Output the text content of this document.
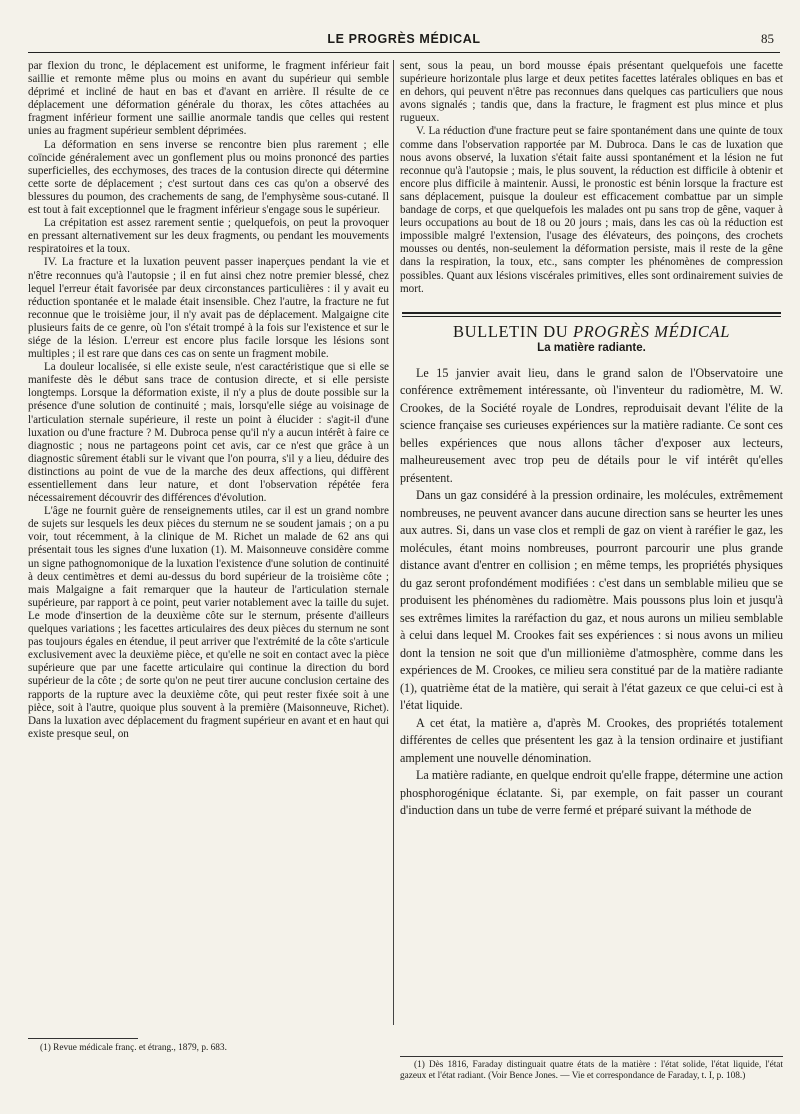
LE PROGRÈS MÉDICAL	85

par flexion du tronc, le déplacement est uniforme, le fragment inférieur fait saillie et remonte même plus ou moins en avant du supérieur qui semble déprimé et incliné de haut en bas et d'avant en arrière. Il résulte de ce déplacement une déformation générale du thorax, les côtes attachées au fragment inférieur forment une saillie anormale tandis que celles qui restent unies au fragment supérieur semblent déprimées.

La déformation en sens inverse se rencontre bien plus rarement ; elle coïncide généralement avec un gonflement plus ou moins prononcé des parties superficielles, des ecchymoses, des traces de la contusion directe qui détermine cette sorte de déplacement ; c'est surtout dans ces cas qu'on a observé des blessures du poumon, des crachements de sang, de l'emphysème sous-cutané. Il est tout à fait exceptionnel que le fragment inférieur s'engage sous le supérieur.

La crépitation est assez rarement sentie ; quelquefois, on peut la provoquer en pressant alternativement sur les deux fragments, ou pendant les mouvements respiratoires et la toux.

IV. La fracture et la luxation peuvent passer inaperçues pendant la vie et n'être reconnues qu'à l'autopsie ; il en fut ainsi chez notre premier blessé, chez lequel l'erreur était favorisée par deux circonstances particulières : il y avait eu réduction spontanée et le malade était insensible. Chez l'autre, la fracture ne fut reconnue que le troisième jour, il n'y avait pas de déplacement. Malgaigne cite plusieurs faits de ce genre, où l'on s'était trompé à la fois sur l'existence et sur le siége de la lésion. L'erreur est encore plus facile lorsque les lésions sont multiples ; il est rare que dans ces cas on sente un fragment mobile.

La douleur localisée, si elle existe seule, n'est caractéristique que si elle se manifeste dès le début sans trace de contusion directe, et si elle persiste longtemps. Lorsque la déformation existe, il n'y a plus de doute possible sur la présence d'une solution de continuité ; mais, lorsqu'elle siége au voisinage de l'articulation sternale supérieure, il reste un point à élucider : s'agit-il d'une luxation ou d'une fracture ? M. Dubroca pense qu'il n'y a aucun intérêt à faire ce diagnostic ; nous ne partageons point cet avis, car ce n'est que grâce à un diagnostic sûrement établi sur le vivant que l'on pourra, s'il y a lieu, déduire des distinctions au point de vue de la marche des deux affections, qui diffèrent essentiellement dans leur nature, et dont l'observation répétée fera nécessairement découvrir des différences d'évolution.

L'âge ne fournit guère de renseignements utiles, car il est un grand nombre de sujets sur lesquels les deux pièces du sternum ne se soudent jamais ; on a pu voir, tout récemment, à la clinique de M. Richet un malade de 62 ans qui présentait tous les signes d'une luxation (1). M. Maisonneuve considère comme un signe pathognomonique de la luxation l'existence d'une solution de continuité à deux centimètres et demi au-dessus du bord supérieur de la troisième côte ; mais Malgaigne a fait remarquer que la hauteur de l'articulation sternale supérieure, par rapport à ce point, peut varier notablement avec la taille du sujet. Le mode d'insertion de la deuxième côte sur le sternum, présente d'ailleurs quelques variations ; les facettes articulaires des deux pièces du sternum ne sont pas toujours égales en étendue, il peut arriver que l'extrémité de la côte s'articule exclusivement avec la deuxième pièce, et qu'elle ne soit en contact avec la pièce supérieure que par une facette articulaire qui continue la direction du bord supérieur de la côte ; de sorte qu'on ne peut tirer aucune conclusion certaine des rapports de la rupture avec la deuxième côte, qui peut rester fixée soit à une pièce, soit à l'autre, quoique plus souvent à la première (Maisonneuve, Richet). Dans la luxation avec déplacement du fragment supérieur en avant et en haut qui existe presque seul, on

sent, sous la peau, un bord mousse épais présentant quelquefois une facette supérieure horizontale plus large et deux petites facettes latérales obliques en bas et en dehors, qui peuvent n'être pas reconnues dans quelques cas particuliers que nous avons signalés ; tandis que, dans la fracture, le fragment est plus mince et plus rugueux.

V. La réduction d'une fracture peut se faire spontanément dans une quinte de toux comme dans l'observation rapportée par M. Dubroca. Dans le cas de luxation que nous avons observé, la luxation s'était faite aussi spontanément et la lésion ne fut reconnue qu'à l'autopsie ; mais, le plus souvent, la réduction est difficile à obtenir et encore plus difficile à maintenir. Aussi, le pronostic est bénin lorsque la fracture est sans déplacement, puisque la douleur est efficacement combattue par un simple bandage de corps, et que quelquefois les malades ont pu sans trop de gêne, vaquer à leurs occupations au bout de 18 ou 20 jours ; mais, dans les cas où la réduction est impossible malgré l'extension, l'usage des élévateurs, des poinçons, des crochets mousses ou dentés, non-seulement la déformation persiste, mais il reste de la gêne dans la respiration, la toux, etc., sans compter les phénomènes de compression possibles. Quant aux lésions viscérales primitives, elles sont ordinairement suivies de mort.

BULLETIN DU PROGRÈS MÉDICAL
La matière radiante.

Le 15 janvier avait lieu, dans le grand salon de l'Observatoire une conférence extrêmement intéressante, où l'inventeur du radiomètre, M. W. Crookes, de la Société royale de Londres, reproduisait devant l'élite de la science française ses curieuses expériences sur la matière radiante. Ce sont ces belles expériences que nous allons tâcher d'exposer aux lecteurs, malheureusement avec trop peu de détails pour le vif intérêt qu'elles présentent.

Dans un gaz considéré à la pression ordinaire, les molécules, extrêmement nombreuses, ne peuvent avancer dans aucune direction sans se heurter les unes aux autres. Si, dans un vase clos et rempli de gaz on vient à raréfier le gaz, les molécules, étant moins nombreuses, pourront parcourir une plus grande distance avant d'entrer en collision ; en même temps, les propriétés physiques du gaz seront profondément modifiées : c'est dans un semblable milieu que se produisent les phénomènes du radiomètre. Mais poussons plus loin et jusqu'à ses extrêmes limites la raréfaction du gaz, et nous aurons un milieu semblable à celui dans lequel M. Crookes fait ses expériences : si nous avons un milieu dont la tension ne soit que d'un millionième d'atmosphère, comme dans les expériences de M. Crookes, ce milieu sera constitué par de la matière radiante (1), quatrième état de la matière, qui serait à l'état gazeux ce que celui-ci est à l'état liquide.

A cet état, la matière a, d'après M. Crookes, des propriétés totalement différentes de celles que présentent les gaz à la tension ordinaire et justifiant amplement une nouvelle dénomination.

La matière radiante, en quelque endroit qu'elle frappe, détermine une action phosphorogénique éclatante. Si, par exemple, on fait passer un courant d'induction dans un tube de verre fermé et préparé suivant la méthode de

(1) Revue médicale franç. et étrang., 1879, p. 683.
(1) Dès 1816, Faraday distinguait quatre états de la matière : l'état solide, l'état liquide, l'état gazeux et l'état radiant. (Voir Bence Jones. — Vie et correspondance de Faraday, t. I, p. 108.)
